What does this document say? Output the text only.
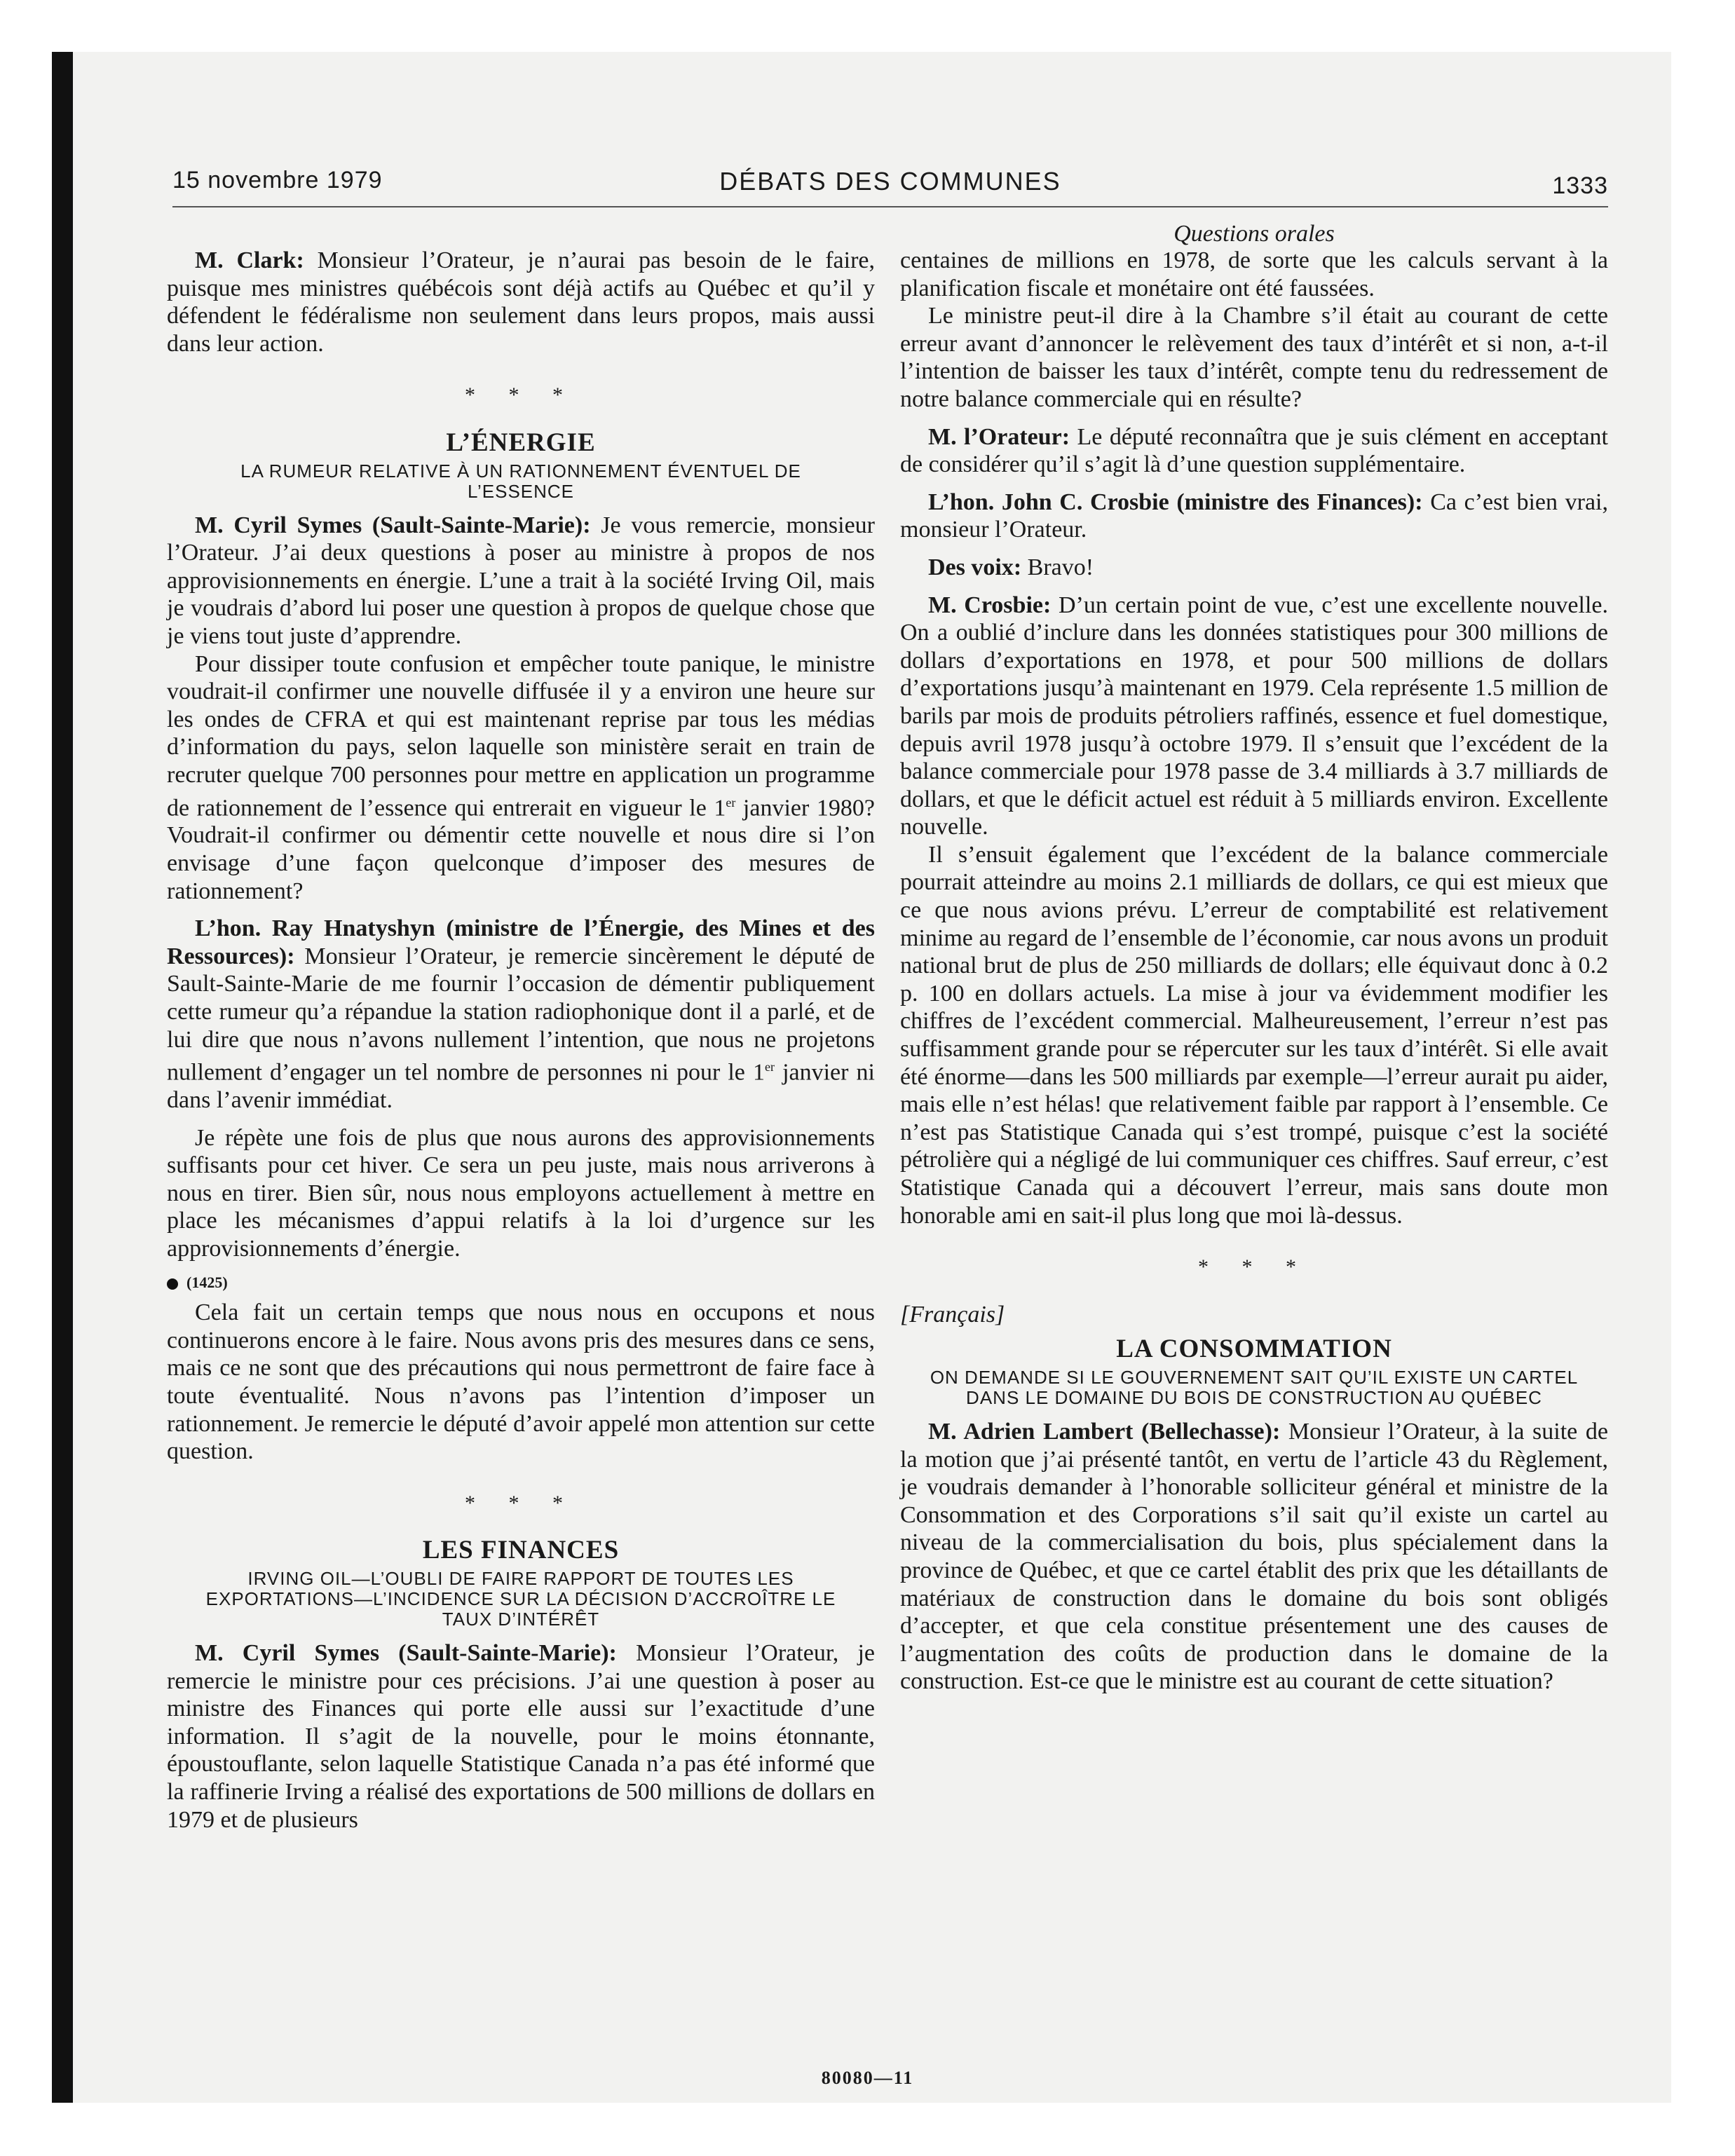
15 novembre 1979	DÉBATS DES COMMUNES	1333

M. Clark: Monsieur l’Orateur, je n’aurai pas besoin de le faire, puisque mes ministres québécois sont déjà actifs au Québec et qu’il y défendent le fédéralisme non seulement dans leurs propos, mais aussi dans leur action.

* * *
L’ÉNERGIE
LA RUMEUR RELATIVE À UN RATIONNEMENT ÉVENTUEL DE L’ESSENCE

M. Cyril Symes (Sault-Sainte-Marie): Je vous remercie, monsieur l’Orateur. J’ai deux questions à poser au ministre à propos de nos approvisionnements en énergie. L’une a trait à la société Irving Oil, mais je voudrais d’abord lui poser une question à propos de quelque chose que je viens tout juste d’apprendre.

Pour dissiper toute confusion et empêcher toute panique, le ministre voudrait-il confirmer une nouvelle diffusée il y a environ une heure sur les ondes de CFRA et qui est maintenant reprise par tous les médias d’information du pays, selon laquelle son ministère serait en train de recruter quelque 700 personnes pour mettre en application un programme de rationnement de l’essence qui entrerait en vigueur le 1er janvier 1980? Voudrait-il confirmer ou démentir cette nouvelle et nous dire si l’on envisage d’une façon quelconque d’imposer des mesures de rationnement?

L’hon. Ray Hnatyshyn (ministre de l’Énergie, des Mines et des Ressources): Monsieur l’Orateur, je remercie sincèrement le député de Sault-Sainte-Marie de me fournir l’occasion de démentir publiquement cette rumeur qu’a répandue la station radiophonique dont il a parlé, et de lui dire que nous n’avons nullement l’intention, que nous ne projetons nullement d’engager un tel nombre de personnes ni pour le 1er janvier ni dans l’avenir immédiat.

Je répète une fois de plus que nous aurons des approvisionnements suffisants pour cet hiver. Ce sera un peu juste, mais nous arriverons à nous en tirer. Bien sûr, nous nous employons actuellement à mettre en place les mécanismes d’appui relatifs à la loi d’urgence sur les approvisionnements d’énergie.

(1425)

Cela fait un certain temps que nous nous en occupons et nous continuerons encore à le faire. Nous avons pris des mesures dans ce sens, mais ce ne sont que des précautions qui nous permettront de faire face à toute éventualité. Nous n’avons pas l’intention d’imposer un rationnement. Je remercie le député d’avoir appelé mon attention sur cette question.

* * *
LES FINANCES
IRVING OIL—L’OUBLI DE FAIRE RAPPORT DE TOUTES LES EXPORTATIONS—L’INCIDENCE SUR LA DÉCISION D’ACCROÎTRE LE TAUX D’INTÉRÊT

M. Cyril Symes (Sault-Sainte-Marie): Monsieur l’Orateur, je remercie le ministre pour ces précisions. J’ai une question à poser au ministre des Finances qui porte elle aussi sur l’exactitude d’une information. Il s’agit de la nouvelle, pour le moins étonnante, époustouflante, selon laquelle Statistique Canada n’a pas été informé que la raffinerie Irving a réalisé des exportations de 500 millions de dollars en 1979 et de plusieurs

Questions orales

centaines de millions en 1978, de sorte que les calculs servant à la planification fiscale et monétaire ont été faussées.

Le ministre peut-il dire à la Chambre s’il était au courant de cette erreur avant d’annoncer le relèvement des taux d’intérêt et si non, a-t-il l’intention de baisser les taux d’intérêt, compte tenu du redressement de notre balance commerciale qui en résulte?

M. l’Orateur: Le député reconnaîtra que je suis clément en acceptant de considérer qu’il s’agit là d’une question supplémentaire.

L’hon. John C. Crosbie (ministre des Finances): Ca c’est bien vrai, monsieur l’Orateur.

Des voix: Bravo!

M. Crosbie: D’un certain point de vue, c’est une excellente nouvelle. On a oublié d’inclure dans les données statistiques pour 300 millions de dollars d’exportations en 1978, et pour 500 millions de dollars d’exportations jusqu’à maintenant en 1979. Cela représente 1.5 million de barils par mois de produits pétroliers raffinés, essence et fuel domestique, depuis avril 1978 jusqu’à octobre 1979. Il s’ensuit que l’excédent de la balance commerciale pour 1978 passe de 3.4 milliards à 3.7 milliards de dollars, et que le déficit actuel est réduit à 5 milliards environ. Excellente nouvelle.

Il s’ensuit également que l’excédent de la balance commerciale pourrait atteindre au moins 2.1 milliards de dollars, ce qui est mieux que ce que nous avions prévu. L’erreur de comptabilité est relativement minime au regard de l’ensemble de l’économie, car nous avons un produit national brut de plus de 250 milliards de dollars; elle équivaut donc à 0.2 p. 100 en dollars actuels. La mise à jour va évidemment modifier les chiffres de l’excédent commercial. Malheureusement, l’erreur n’est pas suffisamment grande pour se répercuter sur les taux d’intérêt. Si elle avait été énorme—dans les 500 milliards par exemple—l’erreur aurait pu aider, mais elle n’est hélas! que relativement faible par rapport à l’ensemble. Ce n’est pas Statistique Canada qui s’est trompé, puisque c’est la société pétrolière qui a négligé de lui communiquer ces chiffres. Sauf erreur, c’est Statistique Canada qui a découvert l’erreur, mais sans doute mon honorable ami en sait-il plus long que moi là-dessus.

* * *
[Français]
LA CONSOMMATION
ON DEMANDE SI LE GOUVERNEMENT SAIT QU’IL EXISTE UN CARTEL DANS LE DOMAINE DU BOIS DE CONSTRUCTION AU QUÉBEC

M. Adrien Lambert (Bellechasse): Monsieur l’Orateur, à la suite de la motion que j’ai présenté tantôt, en vertu de l’article 43 du Règlement, je voudrais demander à l’honorable solliciteur général et ministre de la Consommation et des Corporations s’il sait qu’il existe un cartel au niveau de la commercialisation du bois, plus spécialement dans la province de Québec, et que ce cartel établit des prix que les détaillants de matériaux de construction dans le domaine du bois sont obligés d’accepter, et que cela constitue présentement une des causes de l’augmentation des coûts de production dans le domaine de la construction. Est-ce que le ministre est au courant de cette situation?

80080—11
